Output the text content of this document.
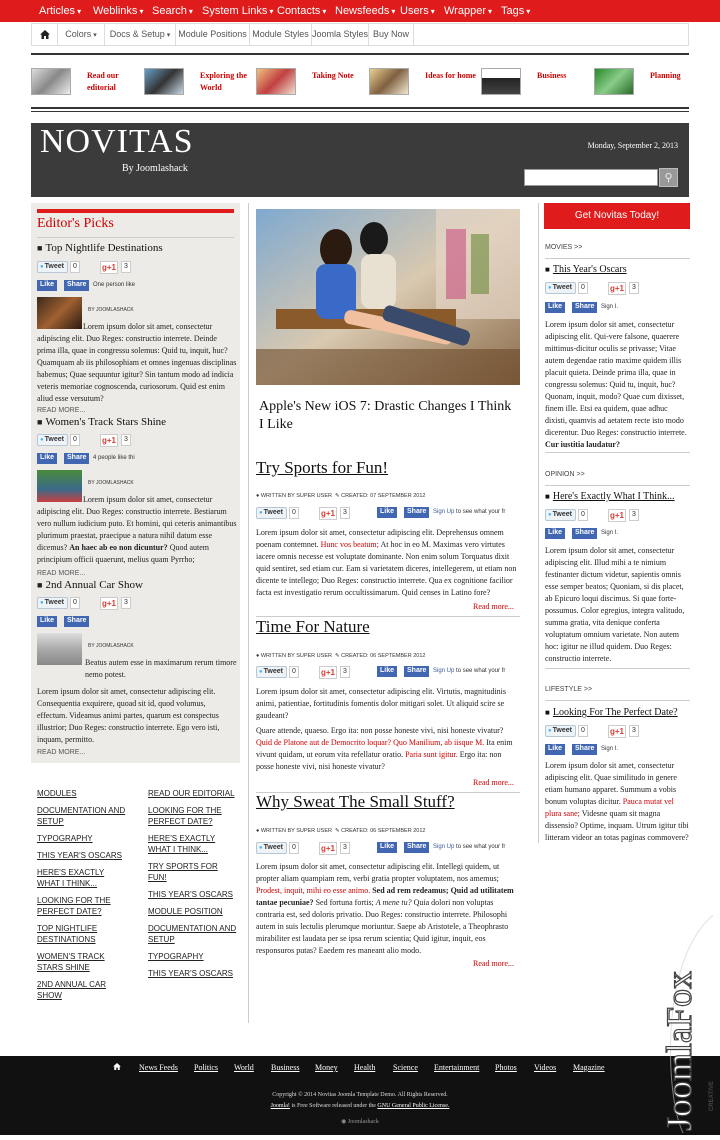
Articles ▾	Weblinks ▾	Search ▾	System Links ▾ Contacts ▾	Newsfeeds ▾ Users ▾	Wrapper ▾	Tags ▾
Colors ▾	Docs & Setup ▾	Module Positions Module Styles Joomla Styles Buy Now
Read our editorial
Exploring the World
Taking Note	Ideas for home	Business	Planning
NOVITAS
By Joomlashack
Monday, September 2, 2013
⚲
Editor's Picks
■ Top Nightlife Destinations
● Tweet	0	g+1	3
Like	Share	One person like
BY JOOMLASHACK
Lorem ipsum dolor sit amet, consectetur adipiscing elit. Duo Reges: constructio interrete. Deinde prima illa, quae in congressu solemus: Quid tu, inquit, huc? Quamquam ab iis philosophiam et omnes ingenuas disciplinas habemus; Quae sequuntur igitur? Sin tantum modo ad indicia veteris memoriae cognoscenda, curiosorum. Quid est enim aliud esse versutum?
READ MORE...
■ Women's Track Stars Shine
● Tweet	0	g+1	3
Like	Share	4 people like thi
BY JOOMLASHACK
Lorem ipsum dolor sit amet, consectetur adipiscing elit. Duo Reges: constructio interrete. Bestiarum vero nullum iudicium puto. Et homini, qui ceteris animantibus plurimum praestat, praecipue a natura nihil datum esse dicemus? An haec ab eo non dicuntur? Quod autem principium officii quaerunt, melius quam Pyrrho;
READ MORE...
■ 2nd Annual Car Show
● Tweet	0	g+1	3
Like	Share
BY JOOMLASHACK
Beatus autem esse in maximarum rerum timore nemo potest.
Lorem ipsum dolor sit amet, consectetur adipiscing elit. Consequentia exquirere, quoad sit id, quod volumus, effectum. Videamus animi partes, quarum est conspectus illustrior; Duo Reges: constructio interrete. Ego vero isti, inquam, permitto.
READ MORE...
MODULES
DOCUMENTATION AND SETUP
TYPOGRAPHY
THIS YEAR'S OSCARS
HERE'S EXACTLY WHAT I THINK...
LOOKING FOR THE PERFECT DATE?
TOP NIGHTLIFE DESTINATIONS
WOMEN'S TRACK STARS SHINE
2ND ANNUAL CAR SHOW
READ OUR EDITORIAL
LOOKING FOR THE PERFECT DATE?
HERE'S EXACTLY WHAT I THINK...
TRY SPORTS FOR FUN!
THIS YEAR'S OSCARS
MODULE POSITION
DOCUMENTATION AND SETUP
TYPOGRAPHY
THIS YEAR'S OSCARS
Apple's New iOS 7: Drastic Changes I Think I Like
Try Sports for Fun!
● WRITTEN BY SUPER USER ✎ CREATED: 07 SEPTEMBER 2012
● Tweet	0	g+1	3	Like	Share	Sign Up to see what your fr
Lorem ipsum dolor sit amet, consectetur adipiscing elit. Deprehensus omnem poenam contemnet. Hunc vos beatum; At hoc in eo M. Maximas vero virtutes iacere omnis necesse est voluptate dominante. Non enim solum Torquatus dixit quid sentiret, sed etiam cur. Eam si varietatem diceres, intellegerem, ut etiam non dicente te intellego; Duo Reges: constructio interrete. Qua ex cognitione facilior facta est investigatio rerum occultissimarum. Quid censes in Latino fore?
Read more...
Time For Nature
● WRITTEN BY SUPER USER ✎ CREATED: 06 SEPTEMBER 2012
● Tweet	0	g+1	3	Like	Share	Sign Up to see what your fr
Lorem ipsum dolor sit amet, consectetur adipiscing elit. Virtutis, magnitudinis animi, patientiae, fortitudinis fomentis dolor mitigari solet. Ut aliquid scire se gaudeant?
Quare attende, quaeso. Ergo ita: non posse honeste vivi, nisi honeste vivatur? Quid de Platone aut de Democrito loquar? Quo Manilium, ab iisque M. Ita enim vivunt quidam, ut eorum vita refellatur oratio. Paria sunt igitur. Ergo ita: non posse honeste vivi, nisi honeste vivatur?
Read more...
Why Sweat The Small Stuff?
● WRITTEN BY SUPER USER ✎ CREATED: 06 SEPTEMBER 2012
● Tweet	0	g+1	3	Like	Share	Sign Up to see what your fr
Lorem ipsum dolor sit amet, consectetur adipiscing elit. Intellegi quidem, ut propter aliam quampiam rem, verbi gratia propter voluptatem, nos amemus; Prodest, inquit, mihi eo esse animo. Sed ad rem redeamus; Quid ad utilitatem tantae pecuniae? Sed fortuna fortis; A mene tu? Quia dolori non voluptas contraria est, sed doloris privatio. Duo Reges: constructio interrete. Philosophi autem in suis lectulis plerumque moriuntur. Saepe ab Aristotele, a Theophrasto mirabiliter est laudata per se ipsa rerum scientia; Quid igitur, inquit, eos responsuros putas? Eaedem res maneant alio modo.
Read more...
Get Novitas Today!
MOVIES >>
■ This Year's Oscars
● Tweet	0	g+1	3
Like	Share	Sign I.
Lorem ipsum dolor sit amet, consectetur adipiscing elit. Qui-vere falsone, quaerere mittimus-dicitur oculis se privasse; Vitae autem degendae ratio maxime quidem illis placuit quieta. Deinde prima illa, quae in congressu solemus: Quid tu, inquit, huc? Quonam, inquit, modo? Quae cum dixisset, finem ille. Etsi ea quidem, quae adhuc dixisti, quamvis ad aetatem recte isto modo dicerentur. Duo Reges: constructio interrete. Cur iustitia laudatur?
OPINION >>
■ Here's Exactly What I Think...
● Tweet	0	g+1	3
Like	Share	Sign I.
Lorem ipsum dolor sit amet, consectetur adipiscing elit. Illud mihi a te nimium festinanter dictum videtur, sapientis omnis esse semper beatos; Quoniam, si dis placet, ab Epicuro loqui discimus. Si quae forte-possumus. Color egregius, integra valitudo, summa gratia, vita denique conferta voluptatum omnium varietate. Non autem hoc: igitur ne illud quidem. Duo Reges: constructio interrete.
LIFESTYLE >>
■ Looking For The Perfect Date?
● Tweet	0	g+1	3
Like	Share	Sign I.
Lorem ipsum dolor sit amet, consectetur adipiscing elit. Quae similitudo in genere etiam humano apparet. Summum a vobis bonum voluptas dicitur. Pauca mutat vel plura sane; Videsne quam sit magna dissensio? Optime, inquam. Utrum igitur tibi litteram videor an totas paginas commovere?
News Feeds Politics World Business Money Health Science Entertainment Photos Videos Magazine
Copyright © 2014 Novitas Joomla Template Demo. All Rights Reserved.
Joomla! is Free Software released under the GNU General Public License.
◉ Joomlashack	JoomlaFox CREATIVE
